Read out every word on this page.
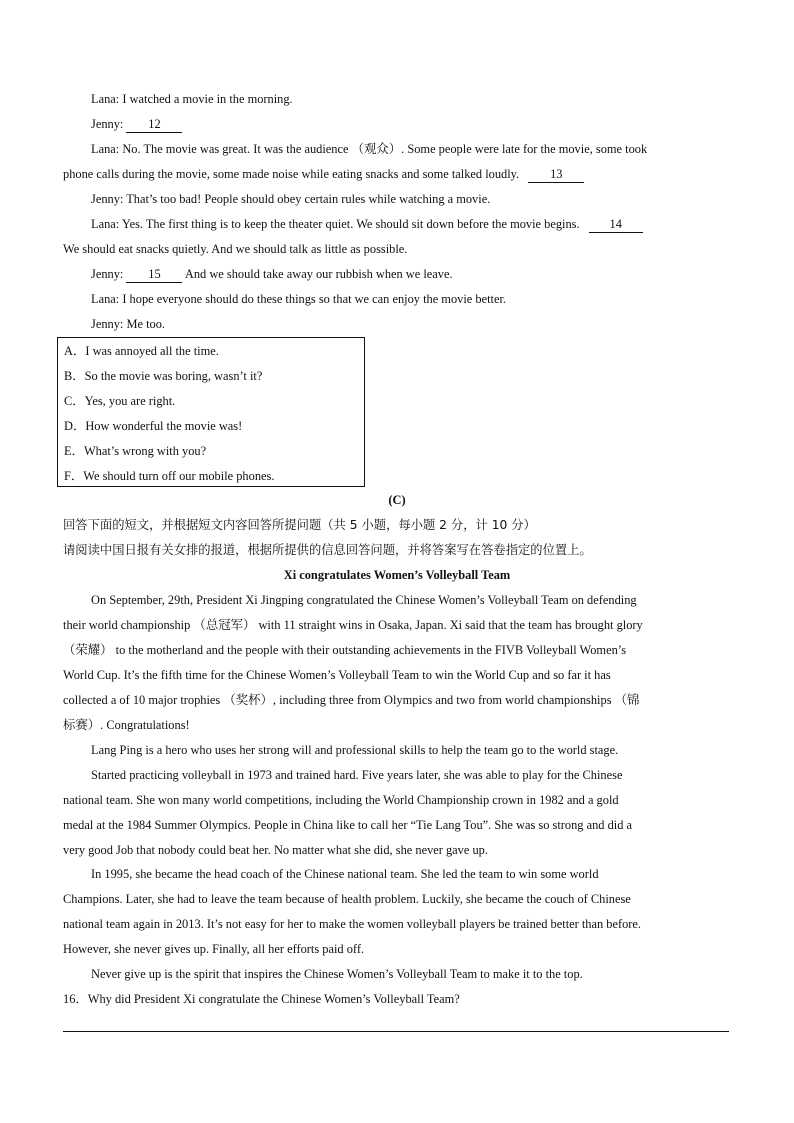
Lana: I watched a movie in the morning.
Jenny: 12
Lana: No. The movie was great. It was the audience （观众）. Some people were late for the movie, some took
phone calls during the movie, some made noise while eating snacks and some talked loudly. 13
Jenny: That’s too bad! People should obey certain rules while watching a movie.
Lana: Yes. The first thing is to keep the theater quiet. We should sit down before the movie begins. 14
We should eat snacks quietly. And we should talk as little as possible.
Jenny: 15 And we should take away our rubbish when we leave.
Lana: I hope everyone should do these things so that we can enjoy the movie better.
Jenny: Me too.
A．I was annoyed all the time.
B．So the movie was boring, wasn’t it?
C．Yes, you are right.
D．How wonderful the movie was!
E．What’s wrong with you?
F．We should turn off our mobile phones.
(C)
回答下面的短文，并根据短文内容回答所提问题（共 5 小题，每小题 2 分，计 10 分）
请阅读中国日报有关女排的报道，根据所提供的信息回答问题，并将答案写在答卷指定的位置上。
Xi congratulates Women’s Volleyball Team
On September, 29th, President Xi Jingping congratulated the Chinese Women’s Volleyball Team on defending
their world championship （总冠军） with 11 straight wins in Osaka, Japan. Xi said that the team has brought glory
（荣耀） to the motherland and the people with their outstanding achievements in the FIVB Volleyball Women’s
World Cup. It’s the fifth time for the Chinese Women’s Volleyball Team to win the World Cup and so far it has
collected a of 10 major trophies （奖杯）, including three from Olympics and two from world championships （锦
标赛）. Congratulations!
Lang Ping is a hero who uses her strong will and professional skills to help the team go to the world stage.
Started practicing volleyball in 1973 and trained hard. Five years later, she was able to play for the Chinese
national team. She won many world competitions, including the World Championship crown in 1982 and a gold
medal at the 1984 Summer Olympics. People in China like to call her “Tie Lang Tou”. She was so strong and did a
very good Job that nobody could beat her. No matter what she did, she never gave up.
In 1995, she became the head coach of the Chinese national team. She led the team to win some world
Champions. Later, she had to leave the team because of health problem. Luckily, she became the couch of Chinese
national team again in 2013. It’s not easy for her to make the women volleyball players be trained better than before.
However, she never gives up. Finally, all her efforts paid off.
Never give up is the spirit that inspires the Chinese Women’s Volleyball Team to make it to the top.
16．Why did President Xi congratulate the Chinese Women’s Volleyball Team?
